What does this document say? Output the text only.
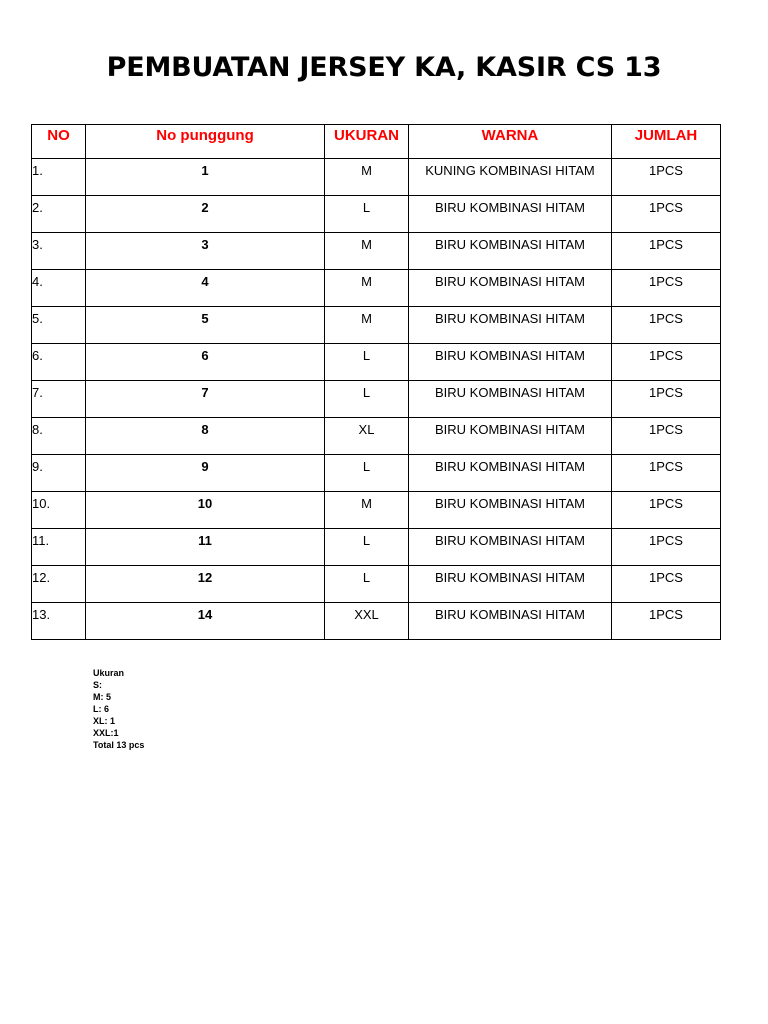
PEMBUATAN JERSEY KA, KASIR CS 13
NO	No punggung	UKURAN	WARNA	JUMLAH
1.	1	M	KUNING KOMBINASI HITAM	1PCS
2.	2	L	BIRU KOMBINASI HITAM	1PCS
3.	3	M	BIRU KOMBINASI HITAM	1PCS
4.	4	M	BIRU KOMBINASI HITAM	1PCS
5.	5	M	BIRU KOMBINASI HITAM	1PCS
6.	6	L	BIRU KOMBINASI HITAM	1PCS
7.	7	L	BIRU KOMBINASI HITAM	1PCS
8.	8	XL	BIRU KOMBINASI HITAM	1PCS
9.	9	L	BIRU KOMBINASI HITAM	1PCS
10.	10	M	BIRU KOMBINASI HITAM	1PCS
11.	11	L	BIRU KOMBINASI HITAM	1PCS
12.	12	L	BIRU KOMBINASI HITAM	1PCS
13.	14	XXL	BIRU KOMBINASI HITAM	1PCS
Ukuran
S:
M: 5
L: 6
XL: 1
XXL:1
Total 13 pcs
